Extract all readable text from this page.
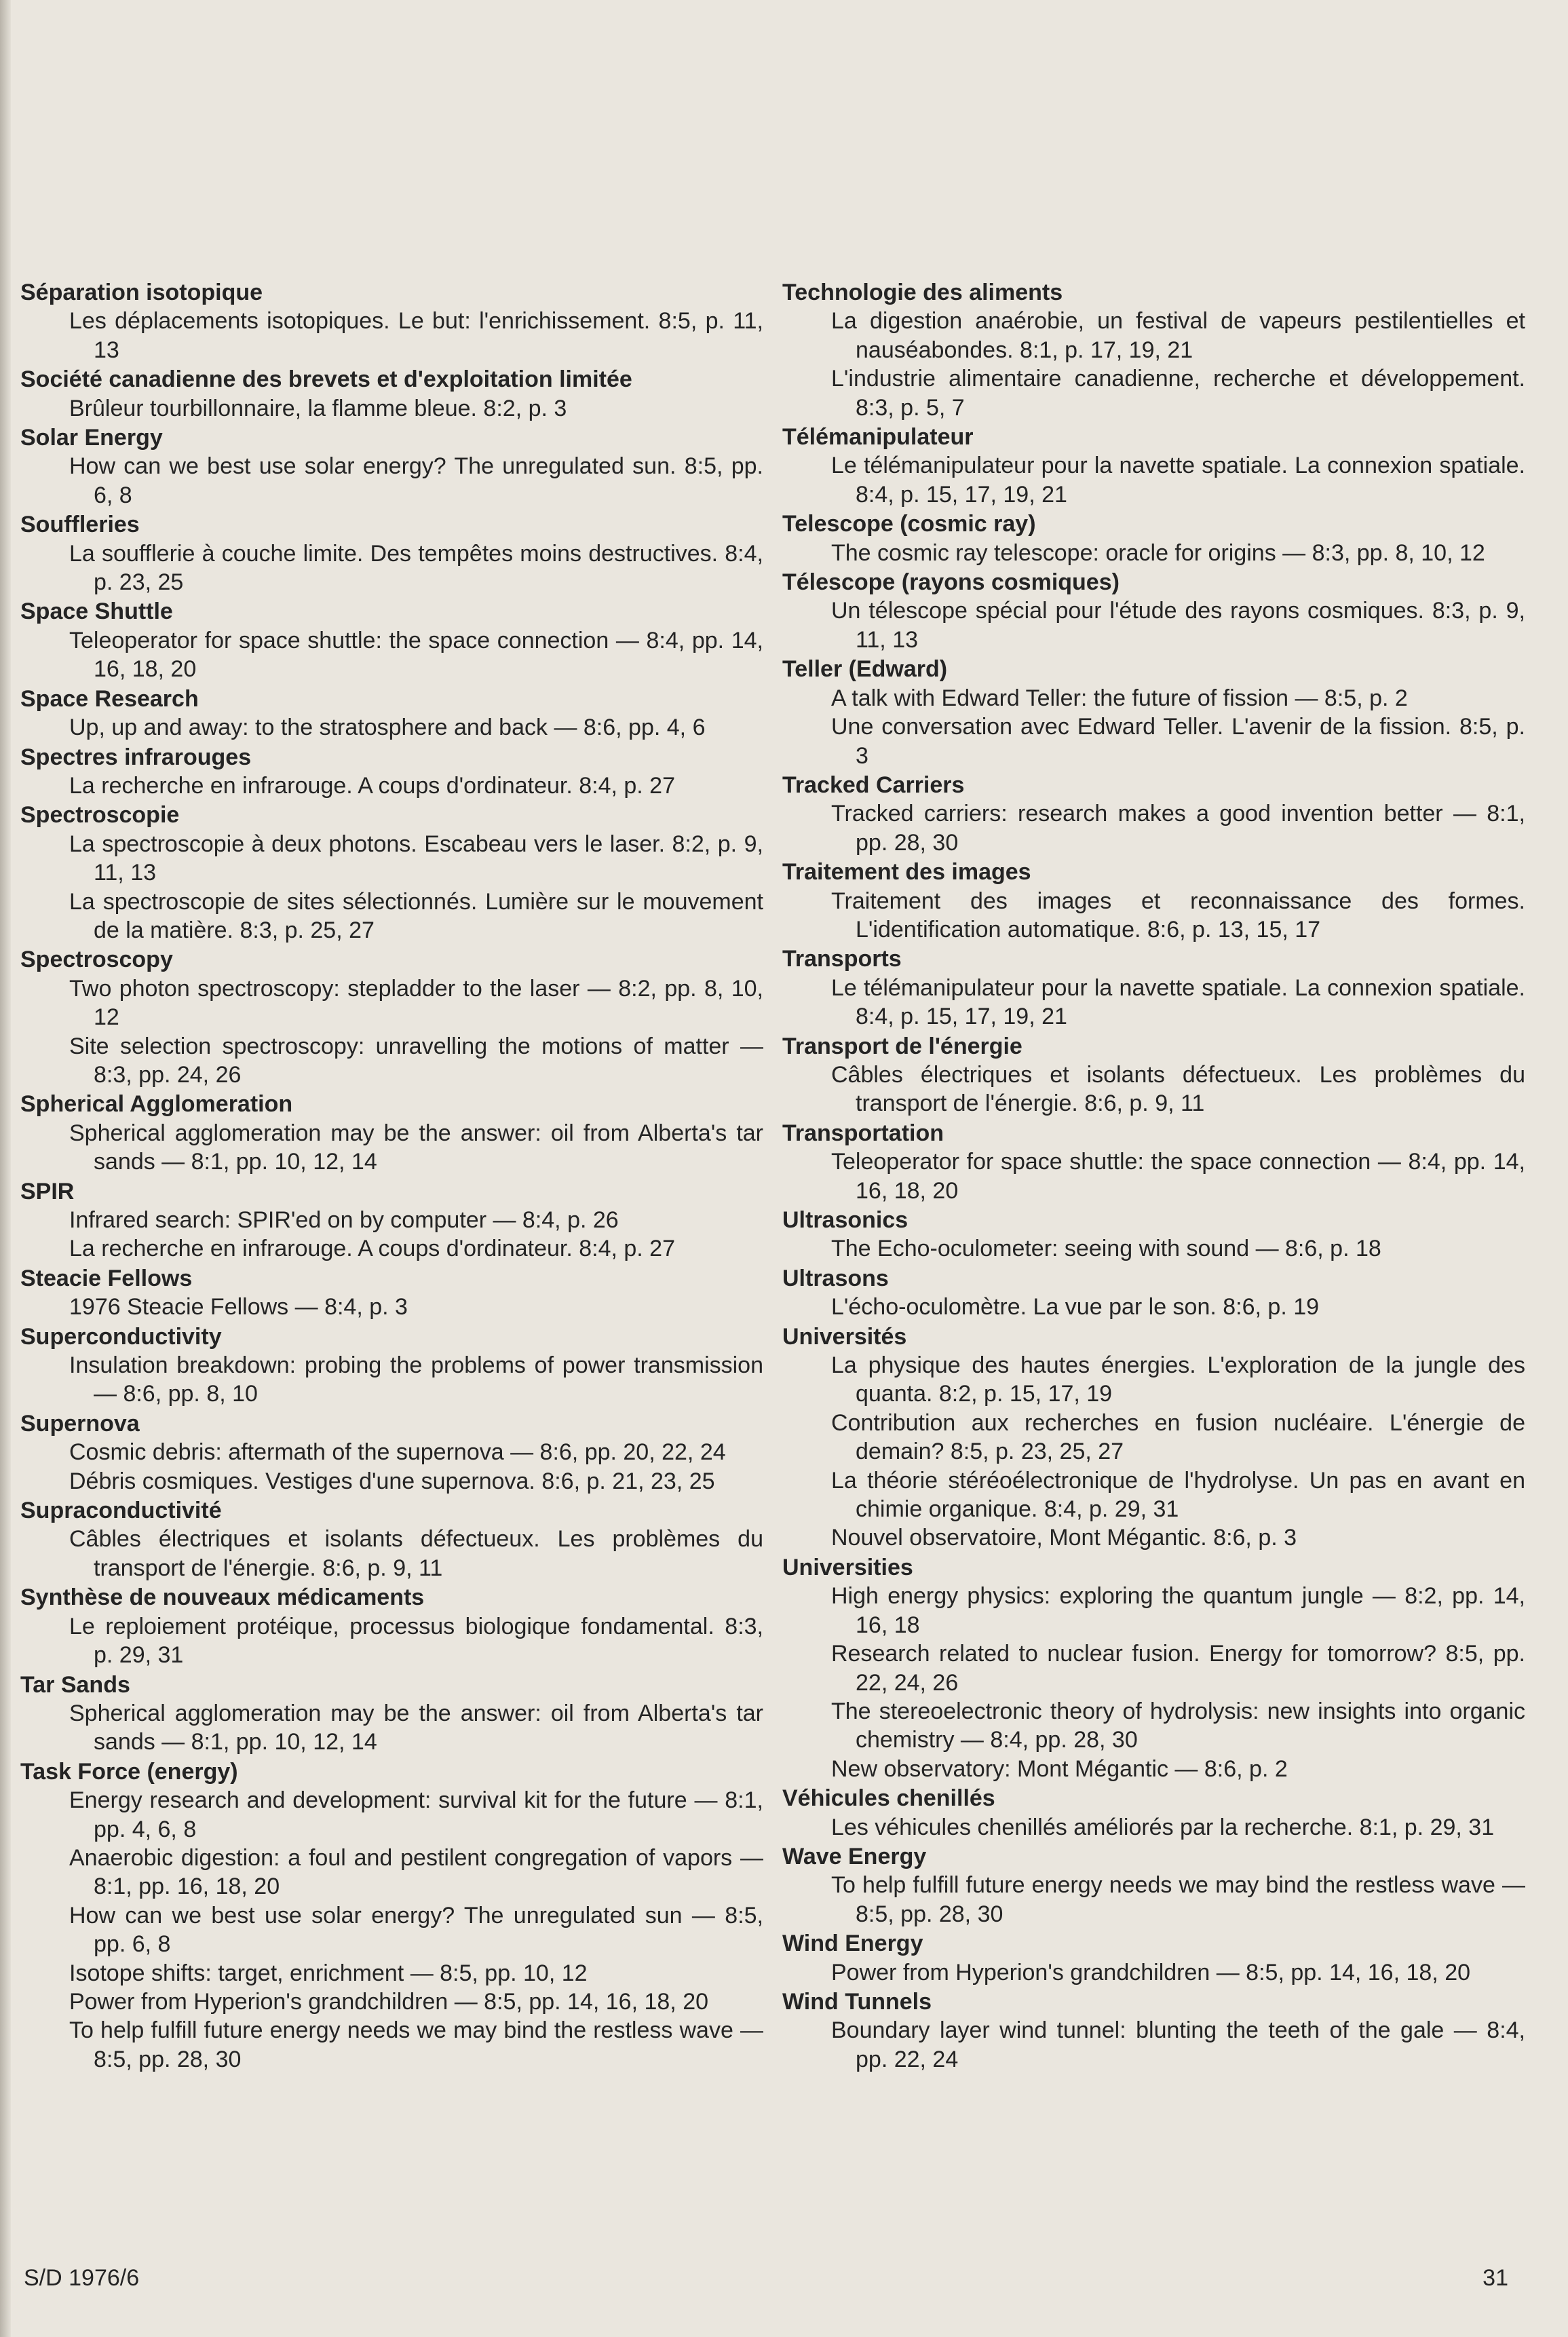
Séparation isotopique
Les déplacements isotopiques. Le but: l'enrichissement. 8:5, p. 11, 13
Société canadienne des brevets et d'exploitation limitée
Brûleur tourbillonnaire, la flamme bleue. 8:2, p. 3
Solar Energy
How can we best use solar energy? The unregulated sun. 8:5, pp. 6, 8
Souffleries
La soufflerie à couche limite. Des tempêtes moins destructives. 8:4, p. 23, 25
Space Shuttle
Teleoperator for space shuttle: the space connection — 8:4, pp. 14, 16, 18, 20
Space Research
Up, up and away: to the stratosphere and back — 8:6, pp. 4, 6
Spectres infrarouges
La recherche en infrarouge. A coups d'ordinateur. 8:4, p. 27
Spectroscopie
La spectroscopie à deux photons. Escabeau vers le laser. 8:2, p. 9, 11, 13
La spectroscopie de sites sélectionnés. Lumière sur le mouvement de la matière. 8:3, p. 25, 27
Spectroscopy
Two photon spectroscopy: stepladder to the laser — 8:2, pp. 8, 10, 12
Site selection spectroscopy: unravelling the motions of matter — 8:3, pp. 24, 26
Spherical Agglomeration
Spherical agglomeration may be the answer: oil from Alberta's tar sands — 8:1, pp. 10, 12, 14
SPIR
Infrared search: SPIR'ed on by computer — 8:4, p. 26
La recherche en infrarouge. A coups d'ordinateur. 8:4, p. 27
Steacie Fellows
1976 Steacie Fellows — 8:4, p. 3
Superconductivity
Insulation breakdown: probing the problems of power transmission — 8:6, pp. 8, 10
Supernova
Cosmic debris: aftermath of the supernova — 8:6, pp. 20, 22, 24
Débris cosmiques. Vestiges d'une supernova. 8:6, p. 21, 23, 25
Supraconductivité
Câbles électriques et isolants défectueux. Les problèmes du transport de l'énergie. 8:6, p. 9, 11
Synthèse de nouveaux médicaments
Le reploiement protéique, processus biologique fondamental. 8:3, p. 29, 31
Tar Sands
Spherical agglomeration may be the answer: oil from Alberta's tar sands — 8:1, pp. 10, 12, 14
Task Force (energy)
Energy research and development: survival kit for the future — 8:1, pp. 4, 6, 8
Anaerobic digestion: a foul and pestilent congregation of vapors — 8:1, pp. 16, 18, 20
How can we best use solar energy? The unregulated sun — 8:5, pp. 6, 8
Isotope shifts: target, enrichment — 8:5, pp. 10, 12
Power from Hyperion's grandchildren — 8:5, pp. 14, 16, 18, 20
To help fulfill future energy needs we may bind the restless wave — 8:5, pp. 28, 30
Technologie des aliments
La digestion anaérobie, un festival de vapeurs pestilentielles et nauséabondes. 8:1, p. 17, 19, 21
L'industrie alimentaire canadienne, recherche et développement. 8:3, p. 5, 7
Télémanipulateur
Le télémanipulateur pour la navette spatiale. La connexion spatiale. 8:4, p. 15, 17, 19, 21
Telescope (cosmic ray)
The cosmic ray telescope: oracle for origins — 8:3, pp. 8, 10, 12
Télescope (rayons cosmiques)
Un télescope spécial pour l'étude des rayons cosmiques. 8:3, p. 9, 11, 13
Teller (Edward)
A talk with Edward Teller: the future of fission — 8:5, p. 2
Une conversation avec Edward Teller. L'avenir de la fission. 8:5, p. 3
Tracked Carriers
Tracked carriers: research makes a good invention better — 8:1, pp. 28, 30
Traitement des images
Traitement des images et reconnaissance des formes. L'identification automatique. 8:6, p. 13, 15, 17
Transports
Le télémanipulateur pour la navette spatiale. La connexion spatiale. 8:4, p. 15, 17, 19, 21
Transport de l'énergie
Câbles électriques et isolants défectueux. Les problèmes du transport de l'énergie. 8:6, p. 9, 11
Transportation
Teleoperator for space shuttle: the space connection — 8:4, pp. 14, 16, 18, 20
Ultrasonics
The Echo-oculometer: seeing with sound — 8:6, p. 18
Ultrasons
L'écho-oculomètre. La vue par le son. 8:6, p. 19
Universités
La physique des hautes énergies. L'exploration de la jungle des quanta. 8:2, p. 15, 17, 19
Contribution aux recherches en fusion nucléaire. L'énergie de demain? 8:5, p. 23, 25, 27
La théorie stéréoélectronique de l'hydrolyse. Un pas en avant en chimie organique. 8:4, p. 29, 31
Nouvel observatoire, Mont Mégantic. 8:6, p. 3
Universities
High energy physics: exploring the quantum jungle — 8:2, pp. 14, 16, 18
Research related to nuclear fusion. Energy for tomorrow? 8:5, pp. 22, 24, 26
The stereoelectronic theory of hydrolysis: new insights into organic chemistry — 8:4, pp. 28, 30
New observatory: Mont Mégantic — 8:6, p. 2
Véhicules chenillés
Les véhicules chenillés améliorés par la recherche. 8:1, p. 29, 31
Wave Energy
To help fulfill future energy needs we may bind the restless wave — 8:5, pp. 28, 30
Wind Energy
Power from Hyperion's grandchildren — 8:5, pp. 14, 16, 18, 20
Wind Tunnels
Boundary layer wind tunnel: blunting the teeth of the gale — 8:4, pp. 22, 24
S/D 1976/6	31
